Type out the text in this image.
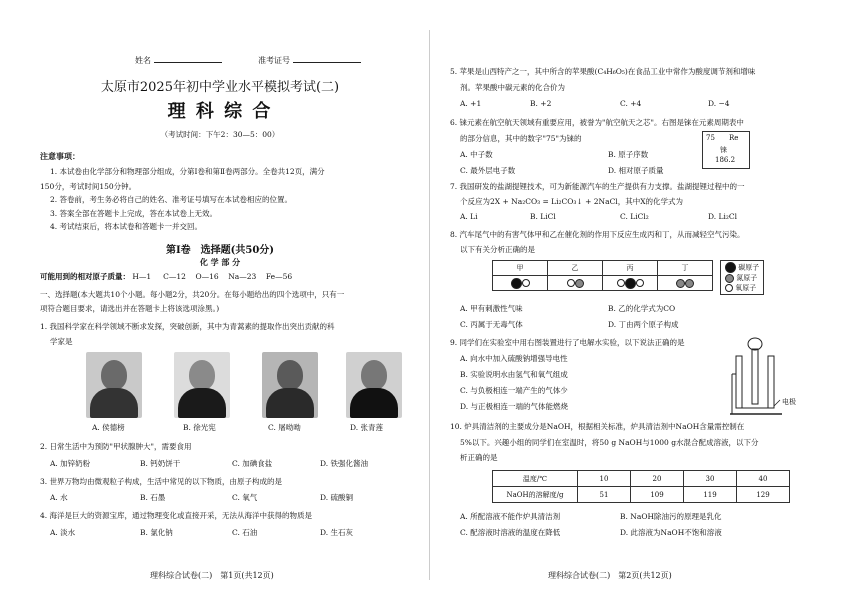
姓名	准考证号
太原市2025年初中学业水平模拟考试(二)
理 科 综 合
（考试时间：下午2：30—5：00）
注意事项：
1. 本试卷由化学部分和物理部分组成，分第Ⅰ卷和第Ⅱ卷两部分。全卷共12页，满分
150分，考试时间150分钟。
2. 答卷前，考生务必将自己的姓名、准考证号填写在本试卷相应的位置。
3. 答案全部在答题卡上完成，答在本试卷上无效。
4. 考试结束后，将本试卷和答题卡一并交回。
第Ⅰ卷　选择题(共50分)
化 学 部 分
可能用到的相对原子质量： H—1 C—12 O—16 Na—23 Fe—56
一、选择题(本大题共10个小题。每小题2分，共20分。在每小题给出的四个选项中，只有一
项符合题目要求，请选出并在答题卡上将该选项涂黑。)
1. 我国科学家在科学领域不断求发探，突破创新，其中为青蒿素的提取作出突出贡献的科
学家是
A. 侯德榜	B. 徐光宪	C. 屠呦呦	D. 张青莲
2. 日常生活中为预防"甲状腺肿大"，需要食用
A. 加锌奶粉	B. 钙奶饼干	C. 加碘食盐	D. 铁强化酱油
3. 世界万物均由微观粒子构成，生活中常见的以下物质，由原子构成的是
A. 水	B. 石墨	C. 氧气	D. 硫酸铜
4. 海洋是巨大的资源宝库，通过物理变化或直接开采，无法从海洋中获得的物质是
A. 淡水	B. 氯化钠	C. 石油	D. 生石灰
理科综合试卷(二)　第1页(共12页)
5. 苹果是山西特产之一，其中所含的苹果酸(C₄H₆O₅)在食品工业中常作为酸度调节剂和增味
剂。苹果酸中碳元素的化合价为
A. +1	B. +2	C. +4	D. −4
6. 铼元素在航空航天领域有重要应用，被誉为"航空航天之芯"。右图是铼在元素周期表中
的部分信息，其中的数字"75"为铼的	75 Re
铼
186.2
A. 中子数	B. 原子序数
C. 最外层电子数	D. 相对原子质量
7. 我国研发的盐湖提锂技术，可为新能源汽车的生产提供有力支撑。盐湖提锂过程中的一
个反应为2X + Na₂CO₃ = Li₂CO₃↓ + 2NaCl，其中X的化学式为
A. Li	B. LiCl	C. LiCl₂	D. Li₂Cl
8. 汽车尾气中的有害气体甲和乙在催化剂的作用下反应生成丙和丁，从而减轻空气污染。
以下有关分析正确的是
甲	乙	丙	丁
				碳原子
氮原子
氧原子
A. 甲有刺激性气味	B. 乙的化学式为CO
C. 丙属于无毒气体	D. 丁由两个原子构成
9. 同学们在实验室中用右图装置进行了电解水实验，以下说法正确的是
A. 向水中加入硫酸钠增强导电性
B. 实验说明水由氢气和氧气组成
C. 与负极相连一端产生的气体少
D. 与正极相连一端的气体能燃烧	电极
10. 炉具清洁剂的主要成分是NaOH，根据相关标准，炉具清洁剂中NaOH含量需控制在
5%以下。兴趣小组的同学们在室温时，将50 g NaOH与1000 g水混合配成溶液，以下分
析正确的是
温度/℃	10	20	30	40
NaOH的溶解度/g	51	109	119	129
A. 所配溶液不能作炉具清洁剂	B. NaOH除油污的原理是乳化
C. 配溶液时溶液的温度在降低	D. 此溶液为NaOH不饱和溶液
理科综合试卷(二)　第2页(共12页)
